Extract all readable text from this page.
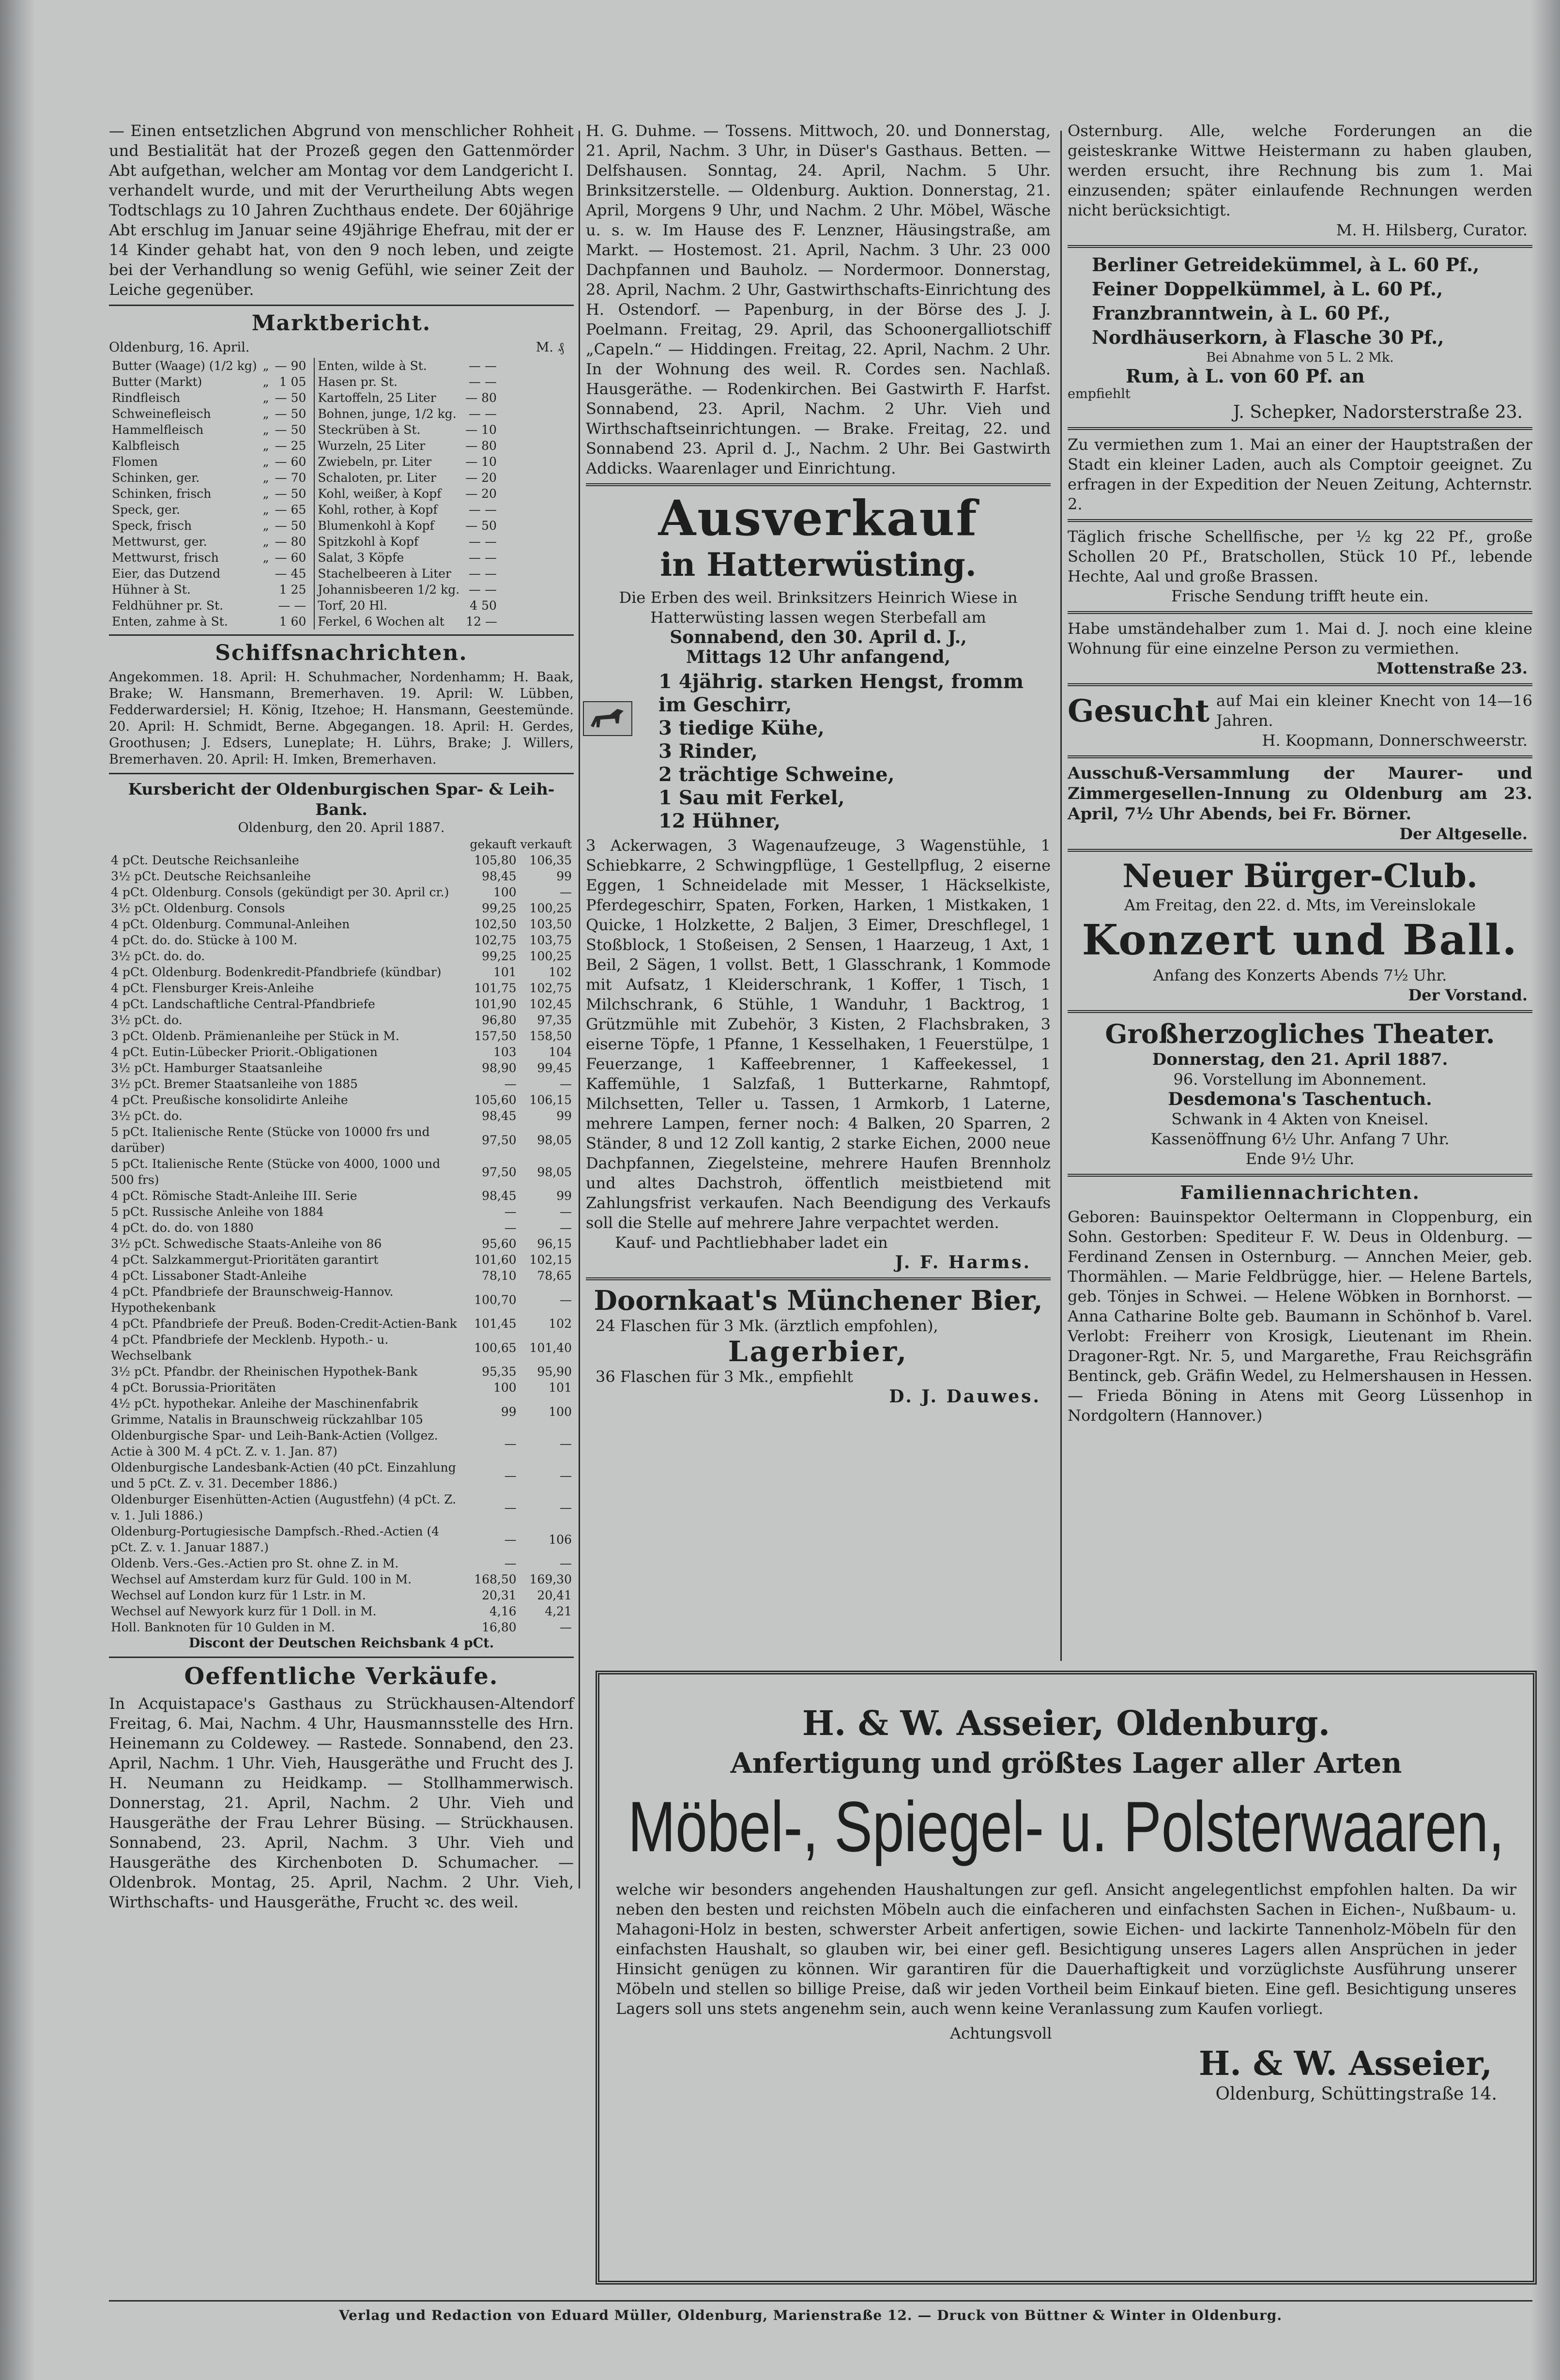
— Einen entsetzlichen Abgrund von menschlicher Rohheit und Bestialität hat der Prozeß gegen den Gattenmörder Abt aufgethan, welcher am Montag vor dem Landgericht I. verhandelt wurde, und mit der Verurtheilung Abts wegen Todtschlags zu 10 Jahren Zuchthaus endete. Der 60jährige Abt erschlug im Januar seine 49jährige Ehefrau, mit der er 14 Kinder gehabt hat, von den 9 noch leben, und zeigte bei der Verhandlung so wenig Gefühl, wie seiner Zeit der Leiche gegenüber.

Marktbericht.
Oldenburg, 16. April.	M. ₰
Butter (Waage) (1/2 kg)	„	— 90
Butter (Markt)	„	1 05
Rindfleisch	„	— 50
Schweinefleisch	„	— 50
Hammelfleisch	„	— 50
Kalbfleisch	„	— 25
Flomen	„	— 60
Schinken, ger.	„	— 70
Schinken, frisch	„	— 50
Speck, ger.	„	— 65
Speck, frisch	„	— 50
Mettwurst, ger.	„	— 80
Mettwurst, frisch	„	— 60
Eier, das Dutzend		— 45
Hühner à St.		1 25
Feldhühner pr. St.		— —
Enten, zahme à St.		1 60
Enten, wilde à St.	— —
Hasen pr. St.	— —
Kartoffeln, 25 Liter	— 80
Bohnen, junge, 1/2 kg.	— —
Steckrüben à St.	— 10
Wurzeln, 25 Liter	— 80
Zwiebeln, pr. Liter	— 10
Schaloten, pr. Liter	— 20
Kohl, weißer, à Kopf	— 20
Kohl, rother, à Kopf	— —
Blumenkohl à Kopf	— 50
Spitzkohl à Kopf	— —
Salat, 3 Köpfe	— —
Stachelbeeren à Liter	— —
Johannisbeeren 1/2 kg.	— —
Torf, 20 Hl.	4 50
Ferkel, 6 Wochen alt	12 —
Schiffsnachrichten.

Angekommen. 18. April: H. Schuhmacher, Nordenhamm; H. Baak, Brake; W. Hansmann, Bremerhaven. 19. April: W. Lübben, Fedderwardersiel; H. König, Itzehoe; H. Hansmann, Geestemünde. 20. April: H. Schmidt, Berne. Abgegangen. 18. April: H. Gerdes, Groothusen; J. Edsers, Luneplate; H. Lührs, Brake; J. Willers, Bremerhaven. 20. April: H. Imken, Bremerhaven.

Kursbericht der Oldenburgischen Spar- & Leih-Bank.
Oldenburg, den 20. April 1887.
	gekauft	verkauft
4 pCt. Deutsche Reichsanleihe	105,80	106,35
3½ pCt. Deutsche Reichsanleihe	98,45	99
4 pCt. Oldenburg. Consols (gekündigt per 30. April cr.)	100	—
3½ pCt. Oldenburg. Consols	99,25	100,25
4 pCt. Oldenburg. Communal-Anleihen	102,50	103,50
4 pCt. do. do. Stücke à 100 M.	102,75	103,75
3½ pCt. do. do.	99,25	100,25
4 pCt. Oldenburg. Bodenkredit-Pfandbriefe (kündbar)	101	102
4 pCt. Flensburger Kreis-Anleihe	101,75	102,75
4 pCt. Landschaftliche Central-Pfandbriefe	101,90	102,45
3½ pCt. do.	96,80	97,35
3 pCt. Oldenb. Prämienanleihe per Stück in M.	157,50	158,50
4 pCt. Eutin-Lübecker Priorit.-Obligationen	103	104
3½ pCt. Hamburger Staatsanleihe	98,90	99,45
3½ pCt. Bremer Staatsanleihe von 1885	—	—
4 pCt. Preußische konsolidirte Anleihe	105,60	106,15
3½ pCt. do.	98,45	99
5 pCt. Italienische Rente (Stücke von 10000 frs und darüber)	97,50	98,05
5 pCt. Italienische Rente (Stücke von 4000, 1000 und 500 frs)	97,50	98,05
4 pCt. Römische Stadt-Anleihe III. Serie	98,45	99
5 pCt. Russische Anleihe von 1884	—	—
4 pCt. do. do. von 1880	—	—
3½ pCt. Schwedische Staats-Anleihe von 86	95,60	96,15
4 pCt. Salzkammergut-Prioritäten garantirt	101,60	102,15
4 pCt. Lissaboner Stadt-Anleihe	78,10	78,65
4 pCt. Pfandbriefe der Braunschweig-Hannov. Hypothekenbank	100,70	—
4 pCt. Pfandbriefe der Preuß. Boden-Credit-Actien-Bank	101,45	102
4 pCt. Pfandbriefe der Mecklenb. Hypoth.- u. Wechselbank	100,65	101,40
3½ pCt. Pfandbr. der Rheinischen Hypothek-Bank	95,35	95,90
4 pCt. Borussia-Prioritäten	100	101
4½ pCt. hypothekar. Anleihe der Maschinenfabrik Grimme, Natalis in Braunschweig rückzahlbar 105	99	100
Oldenburgische Spar- und Leih-Bank-Actien (Vollgez. Actie à 300 M. 4 pCt. Z. v. 1. Jan. 87)	—	—
Oldenburgische Landesbank-Actien (40 pCt. Einzahlung und 5 pCt. Z. v. 31. December 1886.)	—	—
Oldenburger Eisenhütten-Actien (Augustfehn) (4 pCt. Z. v. 1. Juli 1886.)	—	—
Oldenburg-Portugiesische Dampfsch.-Rhed.-Actien (4 pCt. Z. v. 1. Januar 1887.)	—	106
Oldenb. Vers.-Ges.-Actien pro St. ohne Z. in M.	—	—
Wechsel auf Amsterdam kurz für Guld. 100 in M.	168,50	169,30
Wechsel auf London kurz für 1 Lstr. in M.	20,31	20,41
Wechsel auf Newyork kurz für 1 Doll. in M.	4,16	4,21
Holl. Banknoten für 10 Gulden in M.	16,80	—
Discont der Deutschen Reichsbank 4 pCt.
Oeffentliche Verkäufe.

In Acquistapace's Gasthaus zu Strückhausen-Altendorf Freitag, 6. Mai, Nachm. 4 Uhr, Hausmannsstelle des Hrn. Heinemann zu Coldewey. — Rastede. Sonnabend, den 23. April, Nachm. 1 Uhr. Vieh, Hausgeräthe und Frucht des J. H. Neumann zu Heidkamp. — Stollhammerwisch. Donnerstag, 21. April, Nachm. 2 Uhr. Vieh und Hausgeräthe der Frau Lehrer Büsing. — Strückhausen. Sonnabend, 23. April, Nachm. 3 Uhr. Vieh und Hausgeräthe des Kirchenboten D. Schumacher. — Oldenbrok. Montag, 25. April, Nachm. 2 Uhr. Vieh, Wirthschafts- und Hausgeräthe, Frucht ꝛc. des weil.

H. G. Duhme. — Tossens. Mittwoch, 20. und Donnerstag, 21. April, Nachm. 3 Uhr, in Düser's Gasthaus. Betten. — Delfshausen. Sonntag, 24. April, Nachm. 5 Uhr. Brinksitzerstelle. — Oldenburg. Auktion. Donnerstag, 21. April, Morgens 9 Uhr, und Nachm. 2 Uhr. Möbel, Wäsche u. s. w. Im Hause des F. Lenzner, Häusingstraße, am Markt. — Hostemost. 21. April, Nachm. 3 Uhr. 23 000 Dachpfannen und Bauholz. — Nordermoor. Donnerstag, 28. April, Nachm. 2 Uhr, Gastwirthschafts-Einrichtung des H. Ostendorf. — Papenburg, in der Börse des J. J. Poelmann. Freitag, 29. April, das Schoonergalliotschiff „Capeln.“ — Hiddingen. Freitag, 22. April, Nachm. 2 Uhr. In der Wohnung des weil. R. Cordes sen. Nachlaß. Hausgeräthe. — Rodenkirchen. Bei Gastwirth F. Harfst. Sonnabend, 23. April, Nachm. 2 Uhr. Vieh und Wirthschaftseinrichtungen. — Brake. Freitag, 22. und Sonnabend 23. April d. J., Nachm. 2 Uhr. Bei Gastwirth Addicks. Waarenlager und Einrichtung.

Ausverkauf
in Hatterwüsting.

Die Erben des weil. Brinksitzers Heinrich Wiese in Hatterwüsting lassen wegen Sterbefall am

Sonnabend, den 30. April d. J.,

Mittags 12 Uhr anfangend,

1 4jährig. starken Hengst, fromm im Geschirr,

3 tiedige Kühe,

3 Rinder,

2 trächtige Schweine,

1 Sau mit Ferkel,

12 Hühner,

3 Ackerwagen, 3 Wagenaufzeuge, 3 Wagenstühle, 1 Schiebkarre, 2 Schwingpflüge, 1 Gestellpflug, 2 eiserne Eggen, 1 Schneidelade mit Messer, 1 Häckselkiste, Pferdegeschirr, Spaten, Forken, Harken, 1 Mistkaken, 1 Quicke, 1 Holzkette, 2 Baljen, 3 Eimer, Dreschflegel, 1 Stoßblock, 1 Stoßeisen, 2 Sensen, 1 Haarzeug, 1 Axt, 1 Beil, 2 Sägen, 1 vollst. Bett, 1 Glasschrank, 1 Kommode mit Aufsatz, 1 Kleiderschrank, 1 Koffer, 1 Tisch, 1 Milchschrank, 6 Stühle, 1 Wanduhr, 1 Backtrog, 1 Grützmühle mit Zubehör, 3 Kisten, 2 Flachsbraken, 3 eiserne Töpfe, 1 Pfanne, 1 Kesselhaken, 1 Feuerstülpe, 1 Feuerzange, 1 Kaffeebrenner, 1 Kaffeekessel, 1 Kaffemühle, 1 Salzfaß, 1 Butterkarne, Rahmtopf, Milchsetten, Teller u. Tassen, 1 Armkorb, 1 Laterne, mehrere Lampen, ferner noch: 4 Balken, 20 Sparren, 2 Ständer, 8 und 12 Zoll kantig, 2 starke Eichen, 2000 neue Dachpfannen, Ziegelsteine, mehrere Haufen Brennholz und altes Dachstroh, öffentlich meistbietend mit Zahlungsfrist verkaufen. Nach Beendigung des Verkaufs soll die Stelle auf mehrere Jahre verpachtet werden.

Kauf- und Pachtliebhaber ladet ein

J. F. Harms.

Doornkaat's Münchener Bier,

24 Flaschen für 3 Mk. (ärztlich empfohlen),

Lagerbier,

36 Flaschen für 3 Mk., empfiehlt

D. J. Dauwes.

Osternburg. Alle, welche Forderungen an die geisteskranke Wittwe Heistermann zu haben glauben, werden ersucht, ihre Rechnung bis zum 1. Mai einzusenden; später einlaufende Rechnungen werden nicht berücksichtigt.

M. H. Hilsberg, Curator.

Berliner Getreidekümmel, à L. 60 Pf.,

Feiner Doppelkümmel, à L. 60 Pf.,

Franzbranntwein, à L. 60 Pf.,

Nordhäuserkorn, à Flasche 30 Pf.,

Bei Abnahme von 5 L. 2 Mk.

Rum, à L. von 60 Pf. an

empfiehlt

J. Schepker, Nadorsterstraße 23.

Zu vermiethen zum 1. Mai an einer der Hauptstraßen der Stadt ein kleiner Laden, auch als Comptoir geeignet. Zu erfragen in der Expedition der Neuen Zeitung, Achternstr. 2.

Täglich frische Schellfische, per ½ kg 22 Pf., große Schollen 20 Pf., Bratschollen, Stück 10 Pf., lebende Hechte, Aal und große Brassen.

Frische Sendung trifft heute ein.

Habe umständehalber zum 1. Mai d. J. noch eine kleine Wohnung für eine einzelne Person zu vermiethen.

Mottenstraße 23.

Gesucht auf Mai ein kleiner Knecht von 14—16 Jahren.

H. Koopmann, Donnerschweerstr.

Ausschuß-Versammlung der Maurer- und Zimmergesellen-Innung zu Oldenburg am 23. April, 7½ Uhr Abends, bei Fr. Börner.

Der Altgeselle.

Neuer Bürger-Club.

Am Freitag, den 22. d. Mts, im Vereinslokale

Konzert und Ball.

Anfang des Konzerts Abends 7½ Uhr.

Der Vorstand.

Großherzogliches Theater.

Donnerstag, den 21. April 1887.

96. Vorstellung im Abonnement.

Desdemona's Taschentuch.

Schwank in 4 Akten von Kneisel.

Kassenöffnung 6½ Uhr. Anfang 7 Uhr.

Ende 9½ Uhr.

Familiennachrichten.

Geboren: Bauinspektor Oeltermann in Cloppenburg, ein Sohn. Gestorben: Spediteur F. W. Deus in Oldenburg. — Ferdinand Zensen in Osternburg. — Annchen Meier, geb. Thormählen. — Marie Feldbrügge, hier. — Helene Bartels, geb. Tönjes in Schwei. — Helene Wöbken in Bornhorst. — Anna Catharine Bolte geb. Baumann in Schönhof b. Varel. Verlobt: Freiherr von Krosigk, Lieutenant im Rhein. Dragoner-Rgt. Nr. 5, und Margarethe, Frau Reichsgräfin Bentinck, geb. Gräfin Wedel, zu Helmershausen in Hessen. — Frieda Böning in Atens mit Georg Lüssenhop in Nordgoltern (Hannover.)

H. & W. Asseier, Oldenburg.
Anfertigung und größtes Lager aller Arten
Möbel-, Spiegel- u. Polsterwaaren,

welche wir besonders angehenden Haushaltungen zur gefl. Ansicht angelegentlichst empfohlen halten. Da wir neben den besten und reichsten Möbeln auch die einfacheren und einfachsten Sachen in Eichen-, Nußbaum- u. Mahagoni-Holz in besten, schwerster Arbeit anfertigen, sowie Eichen- und lackirte Tannenholz-Möbeln für den einfachsten Haushalt, so glauben wir, bei einer gefl. Besichtigung unseres Lagers allen Ansprüchen in jeder Hinsicht genügen zu können. Wir garantiren für die Dauerhaftigkeit und vorzüglichste Ausführung unserer Möbeln und stellen so billige Preise, daß wir jeden Vortheil beim Einkauf bieten. Eine gefl. Besichtigung unseres Lagers soll uns stets angenehm sein, auch wenn keine Veranlassung zum Kaufen vorliegt.

Achtungsvoll

H. & W. Asseier,

Oldenburg, Schüttingstraße 14.

Verlag und Redaction von Eduard Müller, Oldenburg, Marienstraße 12. — Druck von Büttner & Winter in Oldenburg.
